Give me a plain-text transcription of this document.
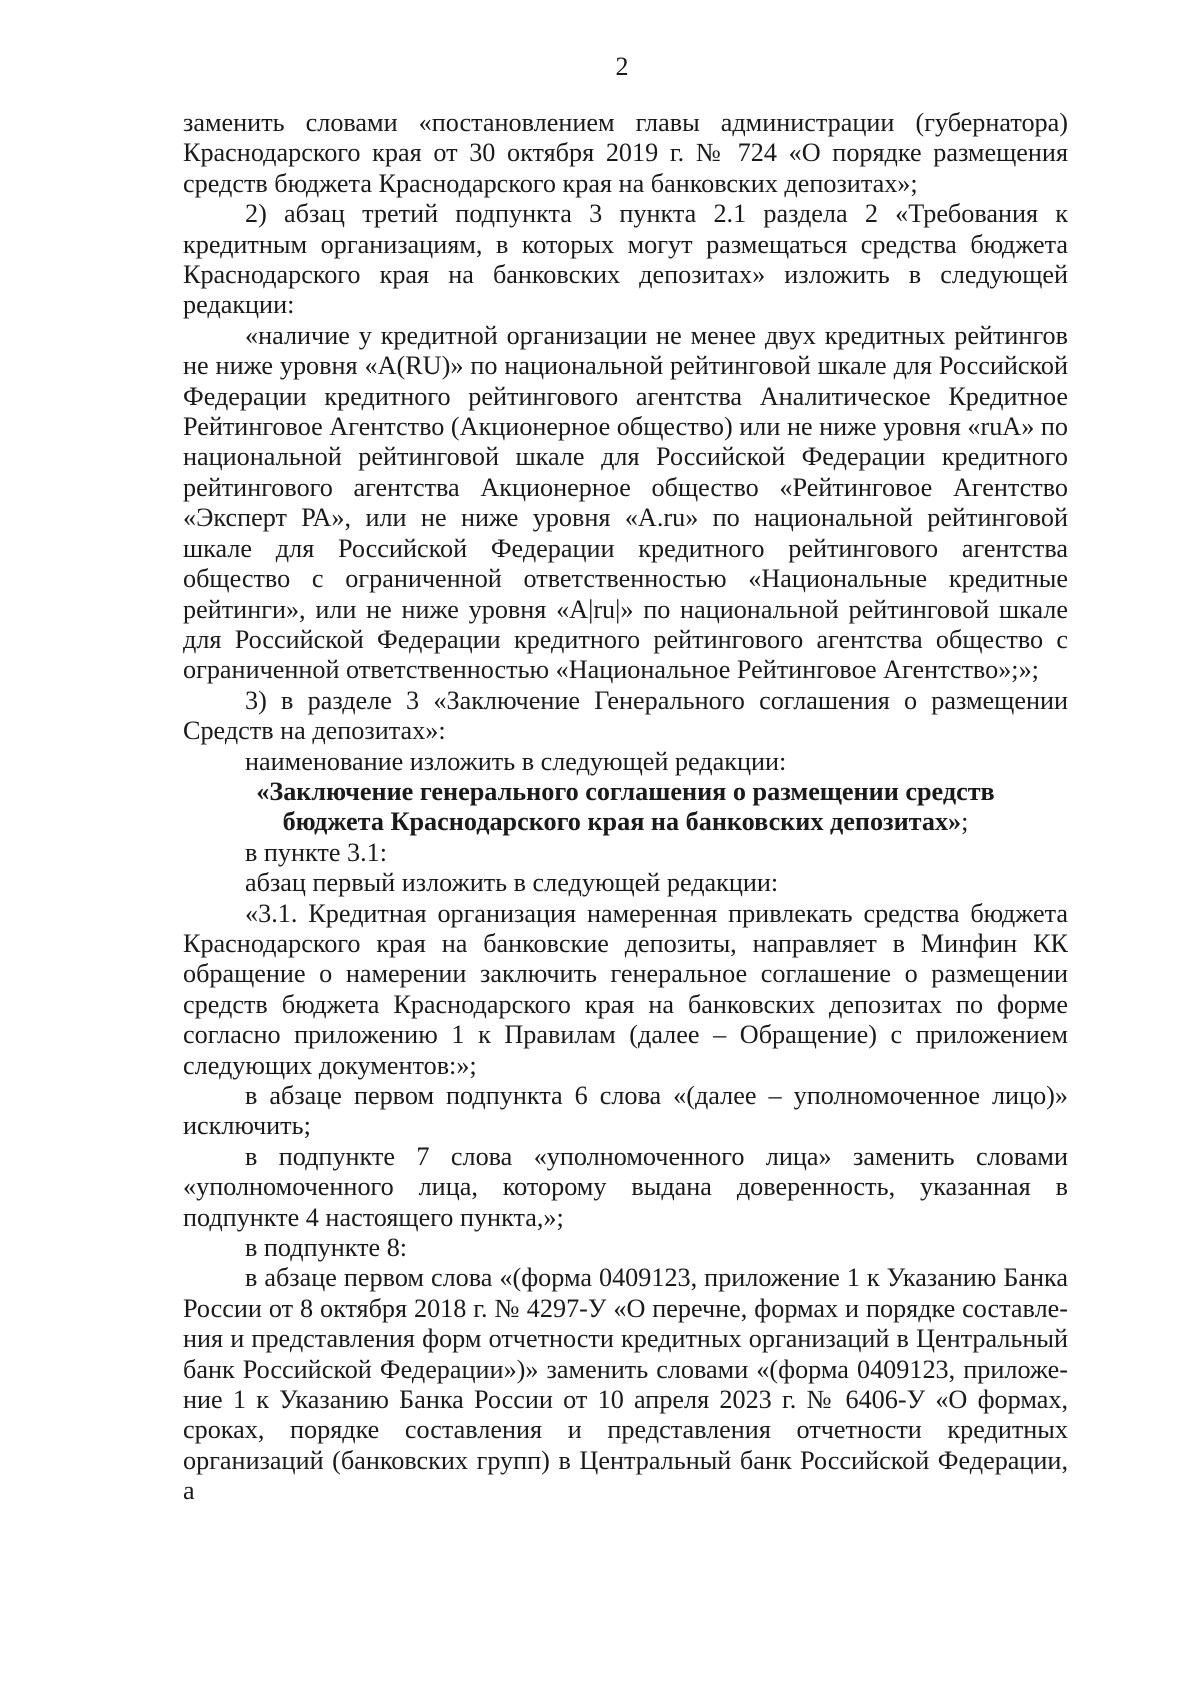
2

заменить словами «постановлением главы администрации (губернатора) Краснодарского края от 30 октября 2019 г. № 724 «О порядке размещения средств бюджета Краснодарского края на банковских депозитах»;

2) абзац третий подпункта 3 пункта 2.1 раздела 2 «Требования к кредитным организациям, в которых могут размещаться средства бюджета Краснодарского края на банковских депозитах» изложить в следующей редакции:

«наличие у кредитной организации не менее двух кредитных рейтингов не ниже уровня «A(RU)» по национальной рейтинговой шкале для Российской Федерации кредитного рейтингового агентства Аналитическое Кредитное Рейтинговое Агентство (Акционерное общество) или не ниже уровня «ruA» по национальной рейтинговой шкале для Российской Федерации кредитного рейтингового агентства Акционерное общество «Рейтинговое Агентство «Эксперт РА», или не ниже уровня «A.ru» по национальной рейтинговой шкале для Российской Федерации кредитного рейтингового агентства общество с ограниченной ответственностью «Национальные кредитные рейтинги», или не ниже уровня «A|ru|» по национальной рейтинговой шкале для Российской Федерации кредитного рейтингового агентства общество с ограниченной ответственностью «Национальное Рейтинговое Агентство»;»;

3) в разделе 3 «Заключение Генерального соглашения о размещении Средств на депозитах»:

наименование изложить в следующей редакции:

«Заключение генерального соглашения о размещении средств бюджета Краснодарского края на банковских депозитах»;

в пункте 3.1:

абзац первый изложить в следующей редакции:

«3.1. Кредитная организация намеренная привлекать средства бюджета Краснодарского края на банковские депозиты, направляет в Минфин КК обращение о намерении заключить генеральное соглашение о размещении средств бюджета Краснодарского края на банковских депозитах по форме согласно приложению 1 к Правилам (далее – Обращение) с приложением следующих документов:»;

в абзаце первом подпункта 6 слова «(далее – уполномоченное лицо)» исключить;

в подпункте 7 слова «уполномоченного лица» заменить словами «уполномоченного лица, которому выдана доверенность, указанная в подпункте 4 настоящего пункта,»;

в подпункте 8:

в абзаце первом слова «(форма 0409123, приложение 1 к Указанию Банка России от 8 октября 2018 г. № 4297-У «О перечне, формах и порядке составления и представления форм отчетности кредитных организаций в Центральный банк Российской Федерации»)» заменить словами «(форма 0409123, приложение 1 к Указанию Банка России от 10 апреля 2023 г. № 6406-У «О формах, сроках, порядке составления и представления отчетности кредитных организаций (банковских групп) в Центральный банк Российской Федерации, а
